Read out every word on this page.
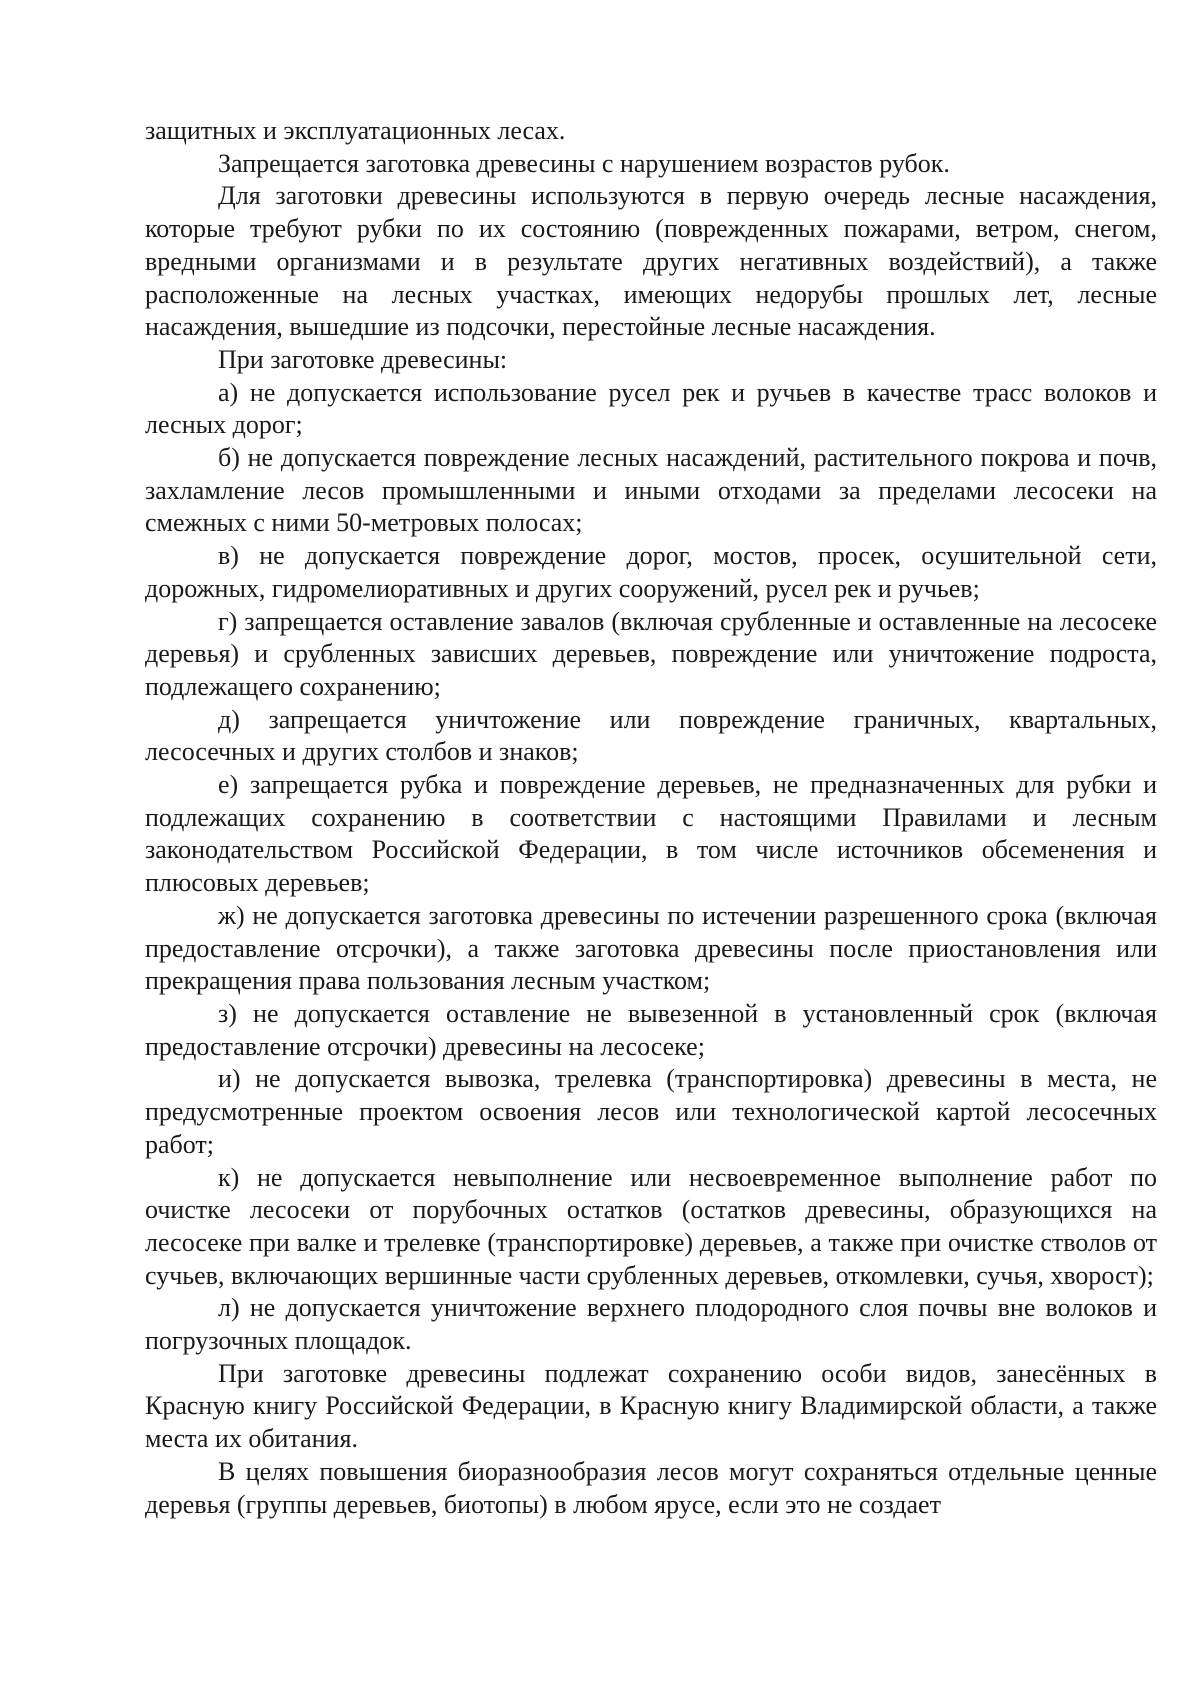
защитных и эксплуатационных лесах.

Запрещается заготовка древесины с нарушением возрастов рубок.

Для заготовки древесины используются в первую очередь лесные насаждения, которые требуют рубки по их состоянию (поврежденных пожарами, ветром, снегом, вредными организмами и в результате других негативных воздействий), а также расположенные на лесных участках, имеющих недорубы прошлых лет, лесные насаждения, вышедшие из подсочки, перестойные лесные насаждения.

При заготовке древесины:

а) не допускается использование русел рек и ручьев в качестве трасс волоков и лесных дорог;

б) не допускается повреждение лесных насаждений, растительного покрова и почв, захламление лесов промышленными и иными отходами за пределами лесосеки на смежных с ними 50-метровых полосах;

в) не допускается повреждение дорог, мостов, просек, осушительной сети, дорожных, гидромелиоративных и других сооружений, русел рек и ручьев;

г) запрещается оставление завалов (включая срубленные и оставленные на лесосеке деревья) и срубленных зависших деревьев, повреждение или уничтожение подроста, подлежащего сохранению;

д) запрещается уничтожение или повреждение граничных, квартальных, лесосечных и других столбов и знаков;

е) запрещается рубка и повреждение деревьев, не предназначенных для рубки и подлежащих сохранению в соответствии с настоящими Правилами и лесным законодательством Российской Федерации, в том числе источников обсеменения и плюсовых деревьев;

ж) не допускается заготовка древесины по истечении разрешенного срока (включая предоставление отсрочки), а также заготовка древесины после приостановления или прекращения права пользования лесным участком;

з) не допускается оставление не вывезенной в установленный срок (включая предоставление отсрочки) древесины на лесосеке;

и) не допускается вывозка, трелевка (транспортировка) древесины в места, не предусмотренные проектом освоения лесов или технологической картой лесосечных работ;

к) не допускается невыполнение или несвоевременное выполнение работ по очистке лесосеки от порубочных остатков (остатков древесины, образующихся на лесосеке при валке и трелевке (транспортировке) деревьев, а также при очистке стволов от сучьев, включающих вершинные части срубленных деревьев, откомлевки, сучья, хворост);

л) не допускается уничтожение верхнего плодородного слоя почвы вне волоков и погрузочных площадок.

При заготовке древесины подлежат сохранению особи видов, занесённых в Красную книгу Российской Федерации, в Красную книгу Владимирской области, а также места их обитания.

В целях повышения биоразнообразия лесов могут сохраняться отдельные ценные деревья (группы деревьев, биотопы) в любом ярусе, если это не создает
